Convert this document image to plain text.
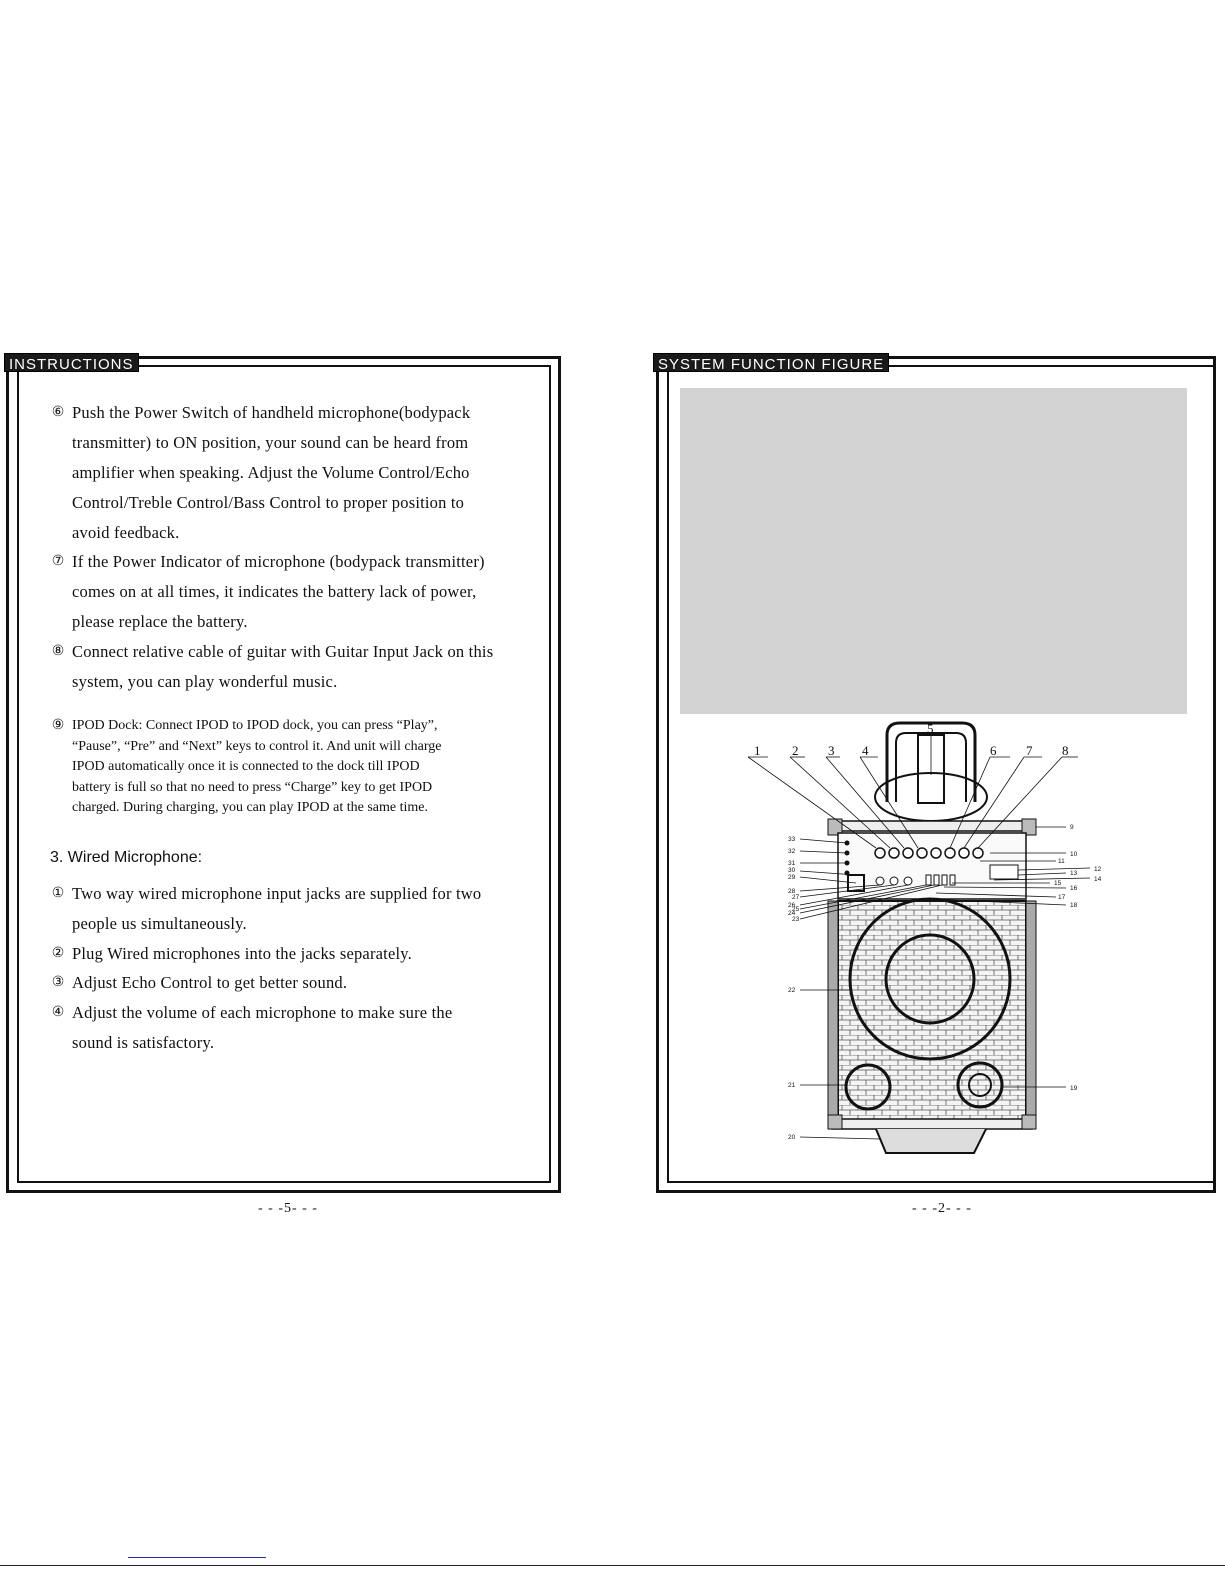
INSTRUCTIONS
⑥ Push the Power Switch of handheld microphone(bodypack
transmitter) to ON position, your sound can be heard from
amplifier when speaking. Adjust the Volume Control/Echo
Control/Treble Control/Bass Control to proper position to
avoid feedback.
⑦ If the Power Indicator of microphone (bodypack transmitter)
comes on at all times, it indicates the battery lack of power,
please replace the battery.
⑧ Connect relative cable of guitar with Guitar Input Jack on this
system, you can play wonderful music.
⑨ IPOD Dock: Connect IPOD to IPOD dock, you can press “Play”,
“Pause”, “Pre” and “Next” keys to control it. And unit will charge
IPOD automatically once it is connected to the dock till IPOD
battery is full so that no need to press “Charge” key to get IPOD
charged. During charging, you can play IPOD at the same time.
3. Wired Microphone:
① Two way wired microphone input jacks are supplied for two
people us simultaneously.
② Plug Wired microphones into the jacks separately.
③ Adjust Echo Control to get better sound.
④ Adjust the volume of each microphone to make sure the
sound is satisfactory.
- - -5- - -
SYSTEM FUNCTION FIGURE
1 2 3 4
5
6 7 8
9
10
11
12
13
14
15
16
17
18
19
33
32
31
30
29
28
27
26
25
24
23
22
21
20
- - -2- - -
